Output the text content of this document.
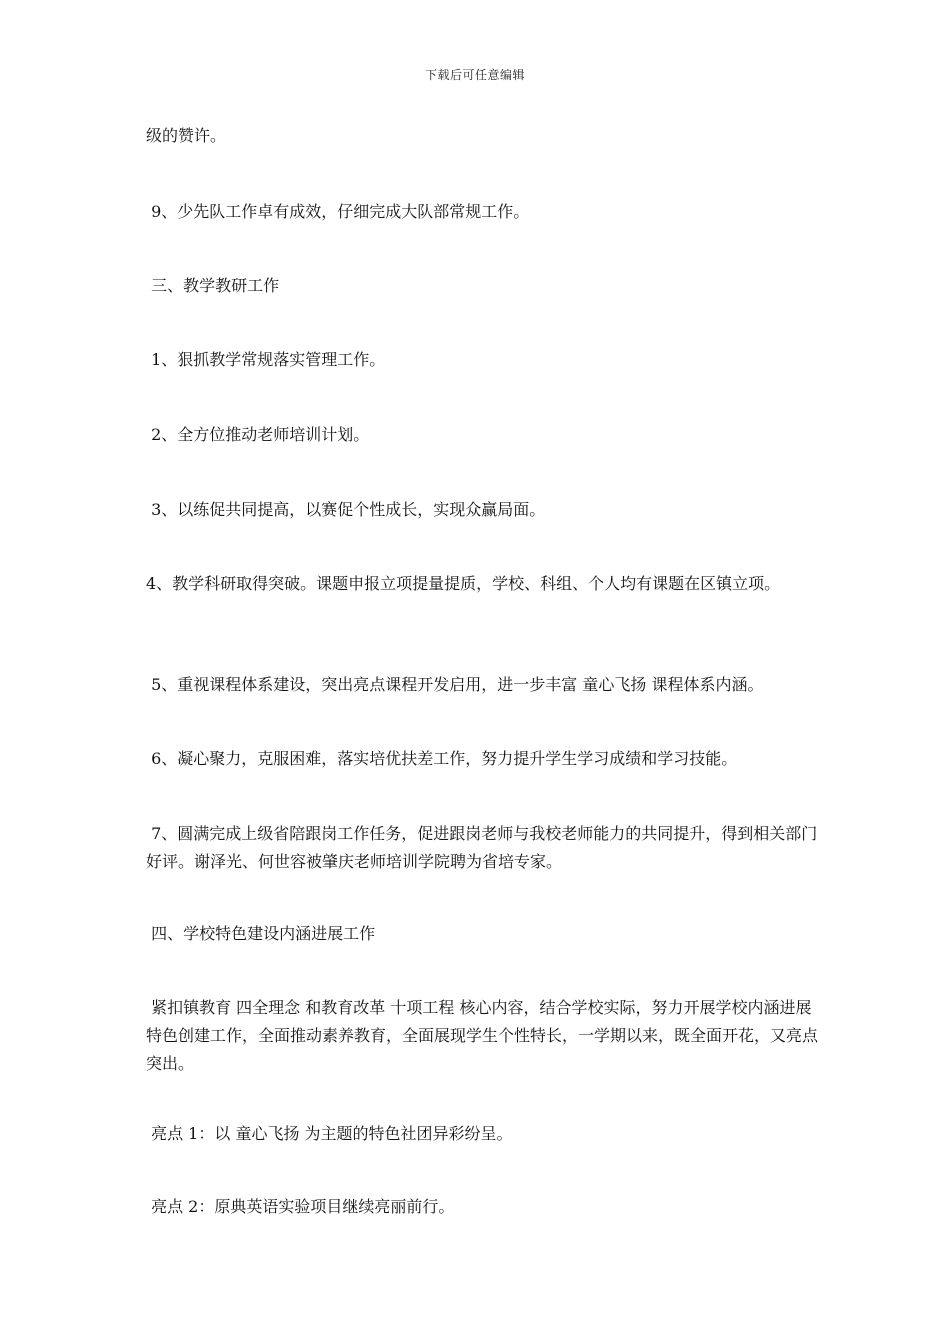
下载后可任意编辑
级的赞许。
9、少先队工作卓有成效，仔细完成大队部常规工作。
三、教学教研工作
1、狠抓教学常规落实管理工作。
2、全方位推动老师培训计划。
3、以练促共同提高，以赛促个性成长，实现众赢局面。
4、教学科研取得突破。课题申报立项提量提质，学校、科组、个人均有课题在区镇立项。
5、重视课程体系建设，突出亮点课程开发启用，进一步丰富 童心飞扬 课程体系内涵。
6、凝心聚力，克服困难，落实培优扶差工作，努力提升学生学习成绩和学习技能。
7、圆满完成上级省陪跟岗工作任务，促进跟岗老师与我校老师能力的共同提升，得到相关部门好评。谢泽光、何世容被肇庆老师培训学院聘为省培专家。
四、学校特色建设内涵进展工作
紧扣镇教育 四全理念 和教育改革 十项工程 核心内容，结合学校实际，努力开展学校内涵进展特色创建工作，全面推动素养教育，全面展现学生个性特长，一学期以来，既全面开花，又亮点突出。
亮点 1：以 童心飞扬 为主题的特色社团异彩纷呈。
亮点 2：原典英语实验项目继续亮丽前行。
